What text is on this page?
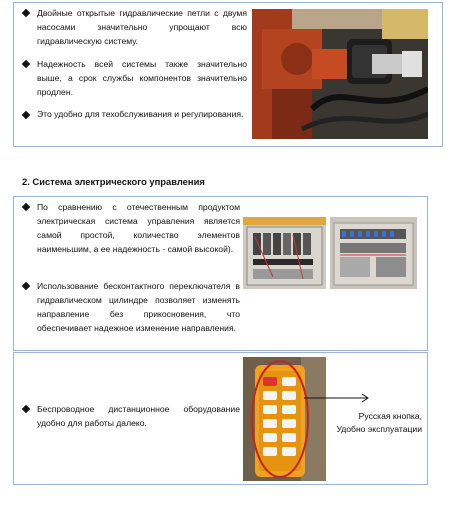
Двойные открытые гидравлические петли с двумя насосами значительно упрощают всю гидравлическую систему.
Надежность всей системы также значительно выше, а срок службы компонентов значительно продлен.
Это удобно для техобслуживания и регулирования.
2. Система электрического управления
По сравнению с отечественным продуктом электрическая система управления является самой простой, количество элементов наименьшим, а ее надежность - самой высокой).
Использование бесконтактного переключателя в гидравлическом цилиндре позволяет изменять направление без прикосновения, что обеспечивает надежное изменение направления.
Беспроводное дистанционное оборудование удобно для работы далеко.
Русская кнопка,
Удобно эксплуатации
